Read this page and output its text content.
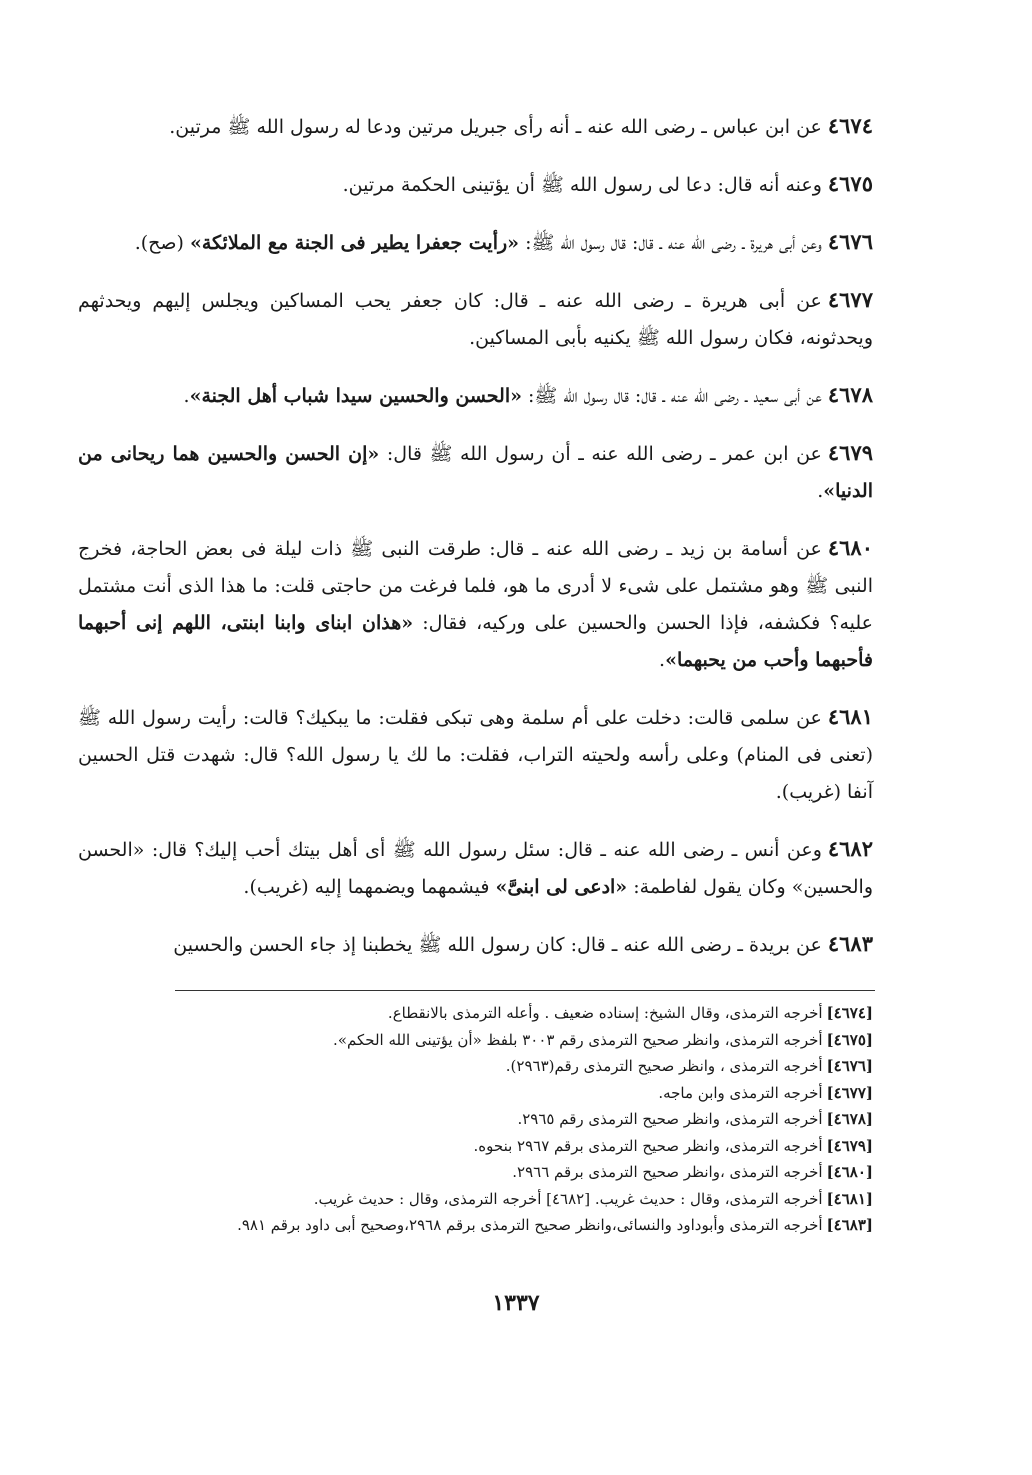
٤٦٧٤عن ابن عباس ـ رضى الله عنه ـ أنه رأى جبريل مرتين ودعا له رسول الله ﷺ مرتين.

٤٦٧٥وعنه أنه قال: دعا لى رسول الله ﷺ أن يؤتينى الحكمة مرتين.

٤٦٧٦وعن أبى هريرة ـ رضى الله عنه ـ قال: قال رسول الله ﷺ: «رأيت جعفرا يطير فى الجنة مع الملائكة» (صح).

٤٦٧٧عن أبى هريرة ـ رضى الله عنه ـ قال: كان جعفر يحب المساكين ويجلس إليهم ويحدثهم ويحدثونه، فكان رسول الله ﷺ يكنيه بأبى المساكين.

٤٦٧٨عن أبى سعيد ـ رضى الله عنه ـ قال: قال رسول الله ﷺ: «الحسن والحسين سيدا شباب أهل الجنة».

٤٦٧٩عن ابن عمر ـ رضى الله عنه ـ أن رسول الله ﷺ قال: «إن الحسن والحسين هما ريحانى من الدنيا».

٤٦٨٠عن أسامة بن زيد ـ رضى الله عنه ـ قال: طرقت النبى ﷺ ذات ليلة فى بعض الحاجة، فخرج النبى ﷺ وهو مشتمل على شىء لا أدرى ما هو، فلما فرغت من حاجتى قلت: ما هذا الذى أنت مشتمل عليه؟ فكشفه، فإذا الحسن والحسين على وركيه، فقال: «هذان ابناى وابنا ابنتى، اللهم إنى أحبهما فأحبهما وأحب من يحبهما».

٤٦٨١عن سلمى قالت: دخلت على أم سلمة وهى تبكى فقلت: ما يبكيك؟ قالت: رأيت رسول الله ﷺ (تعنى فى المنام) وعلى رأسه ولحيته التراب، فقلت: ما لك يا رسول الله؟ قال: شهدت قتل الحسين آنفا (غريب).

٤٦٨٢وعن أنس ـ رضى الله عنه ـ قال: سئل رسول الله ﷺ أى أهل بيتك أحب إليك؟ قال: «الحسن والحسين» وكان يقول لفاطمة: «ادعى لى ابنىَّ» فيشمهما ويضمهما إليه (غريب).

٤٦٨٣عن بريدة ـ رضى الله عنه ـ قال: كان رسول الله ﷺ يخطبنا إذ جاء الحسن والحسين

[٤٦٧٤]أخرجه الترمذى، وقال الشيخ: إسناده ضعيف . وأعله الترمذى بالانقطاع.
[٤٦٧٥]أخرجه الترمذى، وانظر صحيح الترمذى رقم ٣٠٠٣ بلفظ «أن يؤتينى الله الحكم».
[٤٦٧٦]أخرجه الترمذى ، وانظر صحيح الترمذى رقم(٢٩٦٣).
[٤٦٧٧]أخرجه الترمذى وابن ماجه.
[٤٦٧٨]أخرجه الترمذى، وانظر صحيح الترمذى رقم ٢٩٦٥.
[٤٦٧٩]أخرجه الترمذى، وانظر صحيح الترمذى برقم ٢٩٦٧ بنحوه.
[٤٦٨٠]أخرجه الترمذى ،وانظر صحيح الترمذى برقم ٢٩٦٦.
[٤٦٨١]أخرجه الترمذى، وقال : حديث غريب. [٤٦٨٢] أخرجه الترمذى، وقال : حديث غريب.
[٤٦٨٣]أخرجه الترمذى وأبوداود والنسائى،وانظر صحيح الترمذى برقم ٢٩٦٨،وصحيح أبى داود برقم ٩٨١.
١٣٣٧
